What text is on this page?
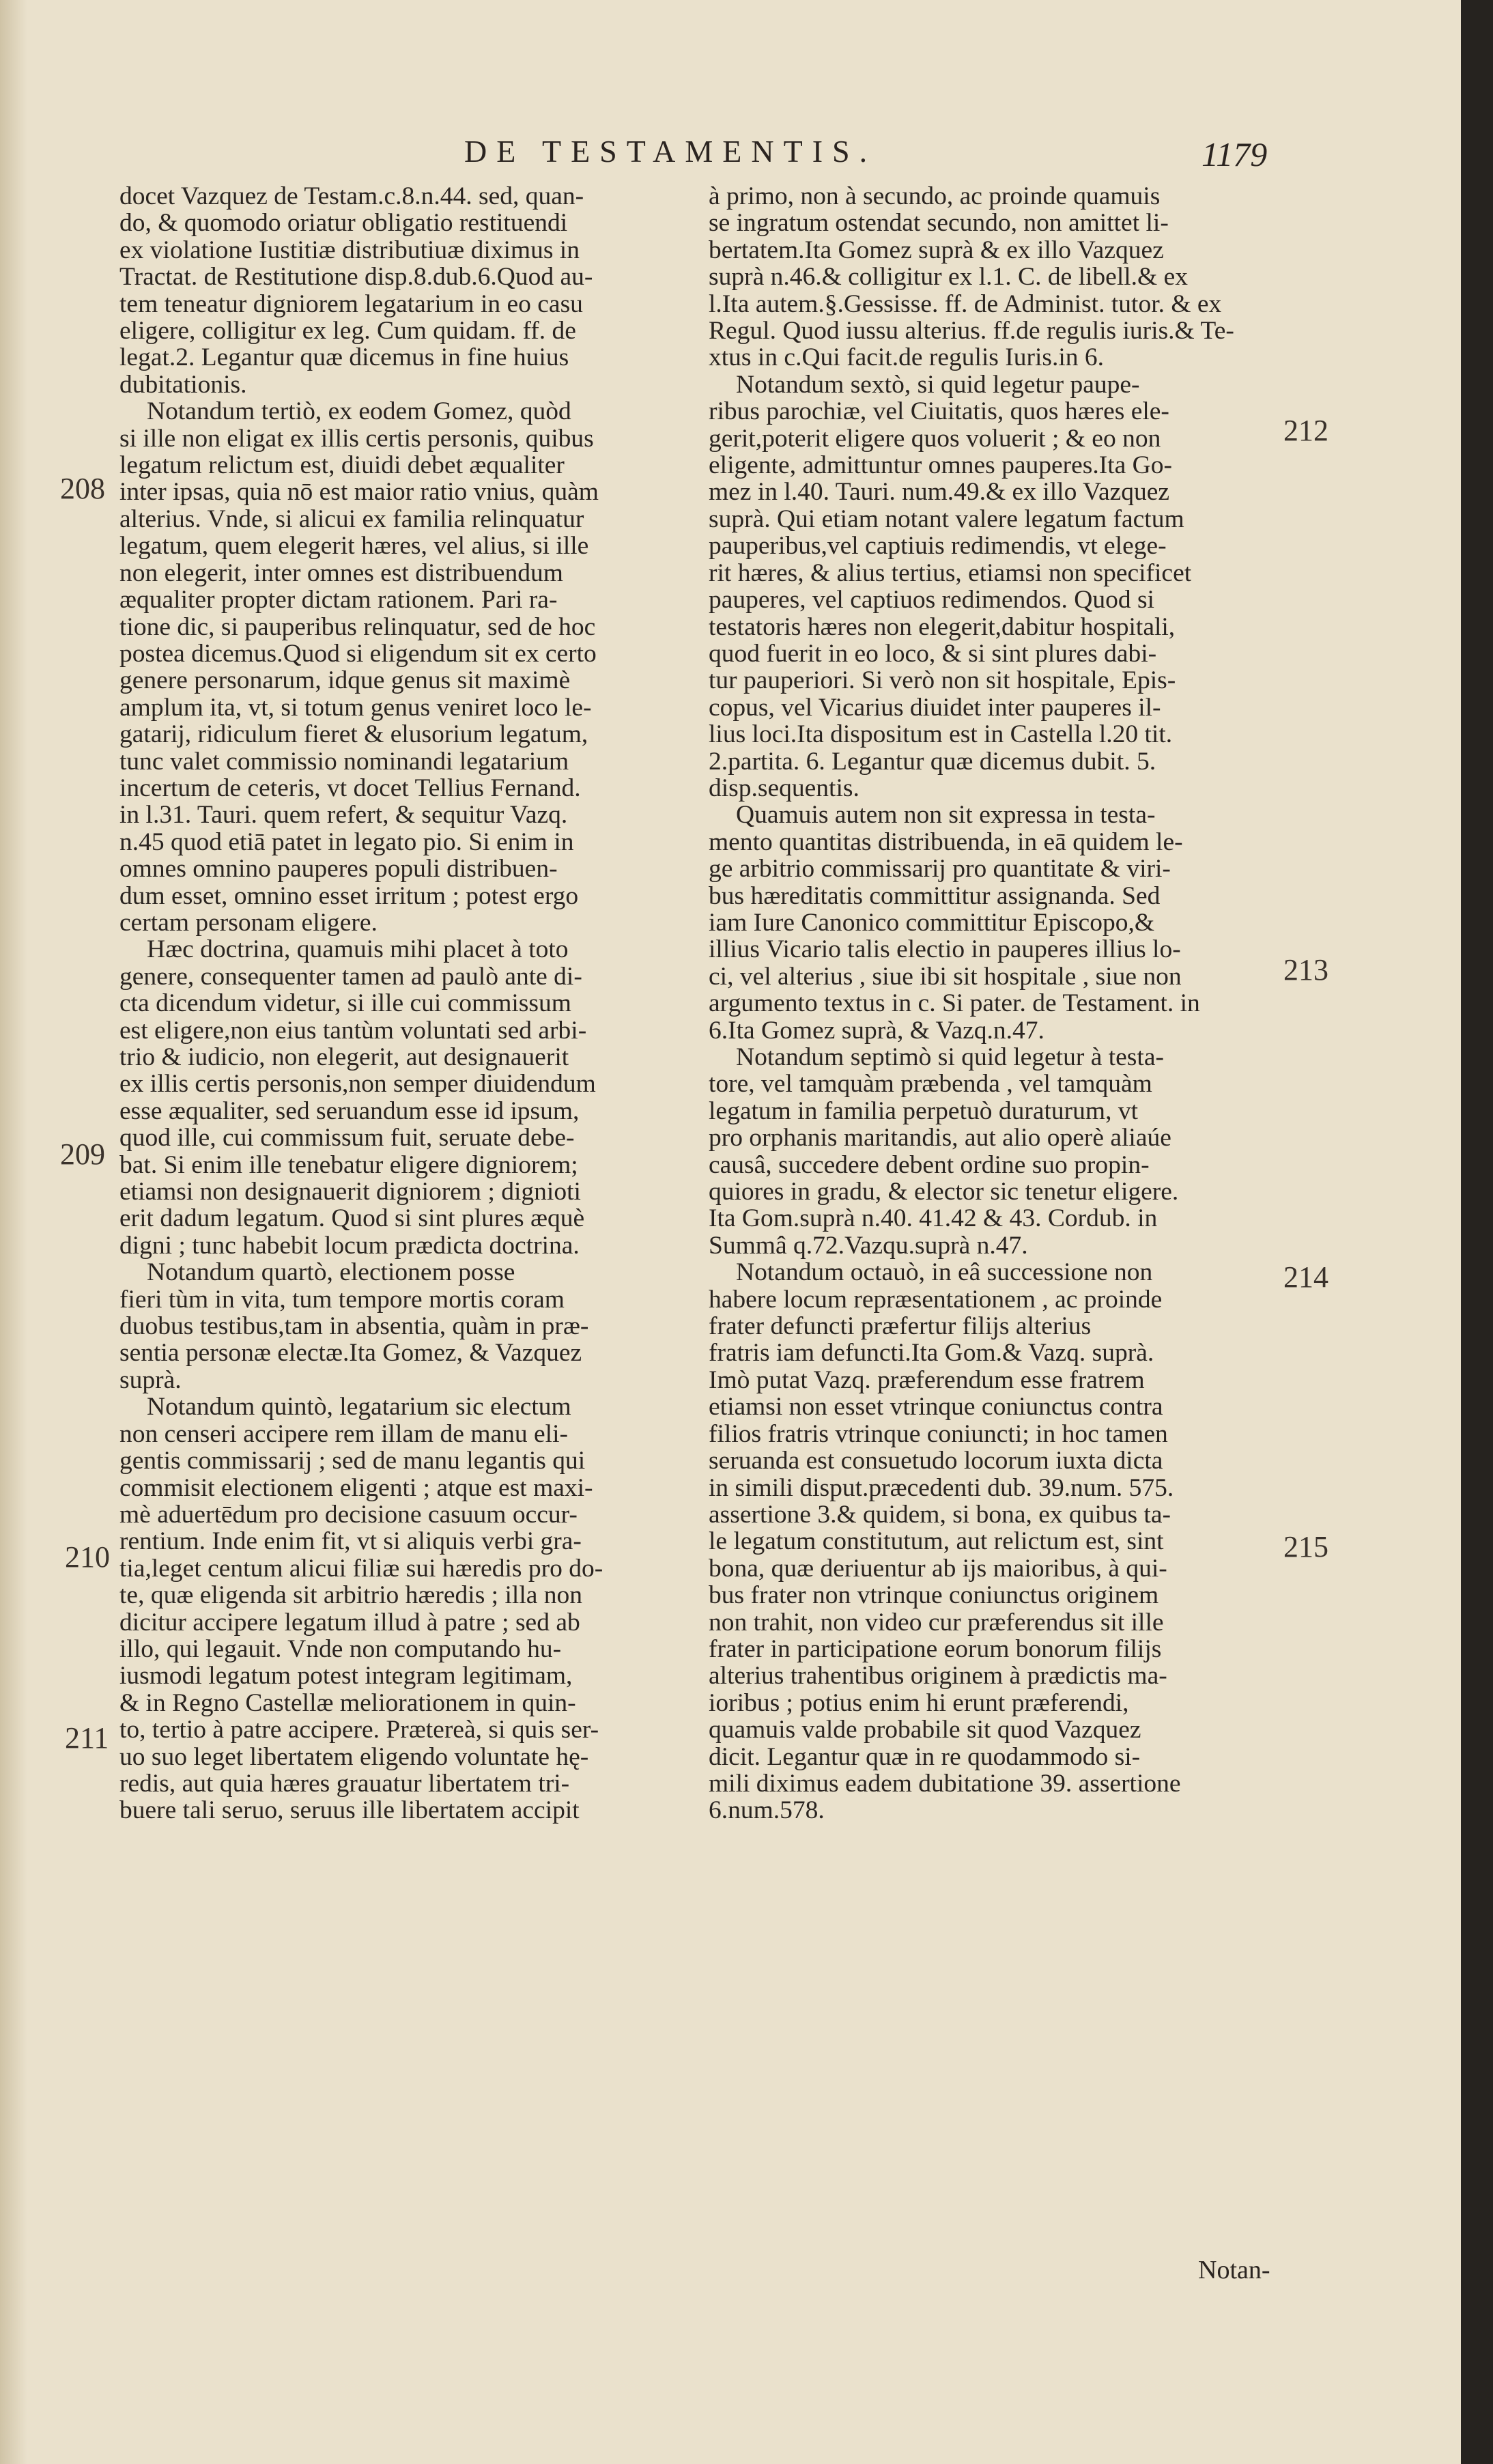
DE TESTAMENTIS.	1179

docet Vazquez de Testam.c.8.n.44. sed, quan-
do, & quomodo oriatur obligatio restituendi
ex violatione Iustitiæ distributiuæ diximus in
Tractat. de Restitutione disp.8.dub.6.Quod au-
tem teneatur digniorem legatarium in eo casu
eligere, colligitur ex leg. Cum quidam. ff. de
legat.2. Legantur quæ dicemus in fine huius
dubitationis.

Notandum tertiò, ex eodem Gomez, quòd
si ille non eligat ex illis certis personis, quibus
legatum relictum est, diuidi debet æqualiter
inter ipsas, quia nō est maior ratio vnius, quàm
alterius. Vnde, si alicui ex familia relinquatur
legatum, quem elegerit hæres, vel alius, si ille
non elegerit, inter omnes est distribuendum
æqualiter propter dictam rationem. Pari ra-
tione dic, si pauperibus relinquatur, sed de hoc
postea dicemus.Quod si eligendum sit ex certo
genere personarum, idque genus sit maximè
amplum ita, vt, si totum genus veniret loco le-
gatarij, ridiculum fieret & elusorium legatum,
tunc valet commissio nominandi legatarium
incertum de ceteris, vt docet Tellius Fernand.
in l.31. Tauri. quem refert, & sequitur Vazq.
n.45 quod etiā patet in legato pio. Si enim in
omnes omnino pauperes populi distribuen-
dum esset, omnino esset irritum ; potest ergo
certam personam eligere.

Hæc doctrina, quamuis mihi placet à toto
genere, consequenter tamen ad paulò ante di-
cta dicendum videtur, si ille cui commissum
est eligere,non eius tantùm voluntati sed arbi-
trio & iudicio, non elegerit, aut designauerit
ex illis certis personis,non semper diuidendum
esse æqualiter, sed seruandum esse id ipsum,
quod ille, cui commissum fuit, seruate debe-
bat. Si enim ille tenebatur eligere digniorem;
etiamsi non designauerit digniorem ; dignioti
erit dadum legatum. Quod si sint plures æquè
digni ; tunc habebit locum prædicta doctrina.

Notandum quartò, electionem posse
fieri tùm in vita, tum tempore mortis coram
duobus testibus,tam in absentia, quàm in præ-
sentia personæ electæ.Ita Gomez, & Vazquez
suprà.

Notandum quintò, legatarium sic electum
non censeri accipere rem illam de manu eli-
gentis commissarij ; sed de manu legantis qui
commisit electionem eligenti ; atque est maxi-
mè aduertēdum pro decisione casuum occur-
rentium. Inde enim fit, vt si aliquis verbi gra-
tia,leget centum alicui filiæ sui hæredis pro do-
te, quæ eligenda sit arbitrio hæredis ; illa non
dicitur accipere legatum illud à patre ; sed ab
illo, qui legauit. Vnde non computando hu-
iusmodi legatum potest integram legitimam,
& in Regno Castellæ meliorationem in quin-
to, tertio à patre accipere. Prætereà, si quis ser-
uo suo leget libertatem eligendo voluntate hę-
redis, aut quia hæres grauatur libertatem tri-
buere tali seruo, seruus ille libertatem accipit

à primo, non à secundo, ac proinde quamuis
se ingratum ostendat secundo, non amittet li-
bertatem.Ita Gomez suprà & ex illo Vazquez
suprà n.46.& colligitur ex l.1. C. de libell.& ex
l.Ita autem.§.Gessisse. ff. de Administ. tutor. & ex
Regul. Quod iussu alterius. ff.de regulis iuris.& Te-
xtus in c.Qui facit.de regulis Iuris.in 6.

Notandum sextò, si quid legetur paupe-
ribus parochiæ, vel Ciuitatis, quos hæres ele-
gerit,poterit eligere quos voluerit ; & eo non
eligente, admittuntur omnes pauperes.Ita Go-
mez in l.40. Tauri. num.49.& ex illo Vazquez
suprà. Qui etiam notant valere legatum factum
pauperibus,vel captiuis redimendis, vt elege-
rit hæres, & alius tertius, etiamsi non specificet
pauperes, vel captiuos redimendos. Quod si
testatoris hæres non elegerit,dabitur hospitali,
quod fuerit in eo loco, & si sint plures dabi-
tur pauperiori. Si verò non sit hospitale, Epis-
copus, vel Vicarius diuidet inter pauperes il-
lius loci.Ita dispositum est in Castella l.20 tit.
2.partita. 6. Legantur quæ dicemus dubit. 5.
disp.sequentis.

Quamuis autem non sit expressa in testa-
mento quantitas distribuenda, in eā quidem le-
ge arbitrio commissarij pro quantitate & viri-
bus hæreditatis committitur assignanda. Sed
iam Iure Canonico committitur Episcopo,&
illius Vicario talis electio in pauperes illius lo-
ci, vel alterius , siue ibi sit hospitale , siue non
argumento textus in c. Si pater. de Testament. in
6.Ita Gomez suprà, & Vazq.n.47.

Notandum septimò si quid legetur à testa-
tore, vel tamquàm præbenda , vel tamquàm
legatum in familia perpetuò duraturum, vt
pro orphanis maritandis, aut alio operè aliaúe
causâ, succedere debent ordine suo propin-
quiores in gradu, & elector sic tenetur eligere.
Ita Gom.suprà n.40. 41.42 & 43. Cordub. in
Summâ q.72.Vazqu.suprà n.47.

Notandum octauò, in eâ successione non
habere locum repræsentationem , ac proinde
frater defuncti præfertur filijs alterius
fratris iam defuncti.Ita Gom.& Vazq. suprà.
Imò putat Vazq. præferendum esse fratrem
etiamsi non esset vtrinque coniunctus contra
filios fratris vtrinque coniuncti; in hoc tamen
seruanda est consuetudo locorum iuxta dicta
in simili disput.præcedenti dub. 39.num. 575.
assertione 3.& quidem, si bona, ex quibus ta-
le legatum constitutum, aut relictum est, sint
bona, quæ deriuentur ab ijs maioribus, à qui-
bus frater non vtrinque coniunctus originem
non trahit, non video cur præferendus sit ille
frater in participatione eorum bonorum filijs
alterius trahentibus originem à prædictis ma-
ioribus ; potius enim hi erunt præferendi,
quamuis valde probabile sit quod Vazquez
dicit. Legantur quæ in re quodammodo si-
mili diximus eadem dubitatione 39. assertione
6.num.578.

208
209
210
211
212
213
214
215
Notan-
